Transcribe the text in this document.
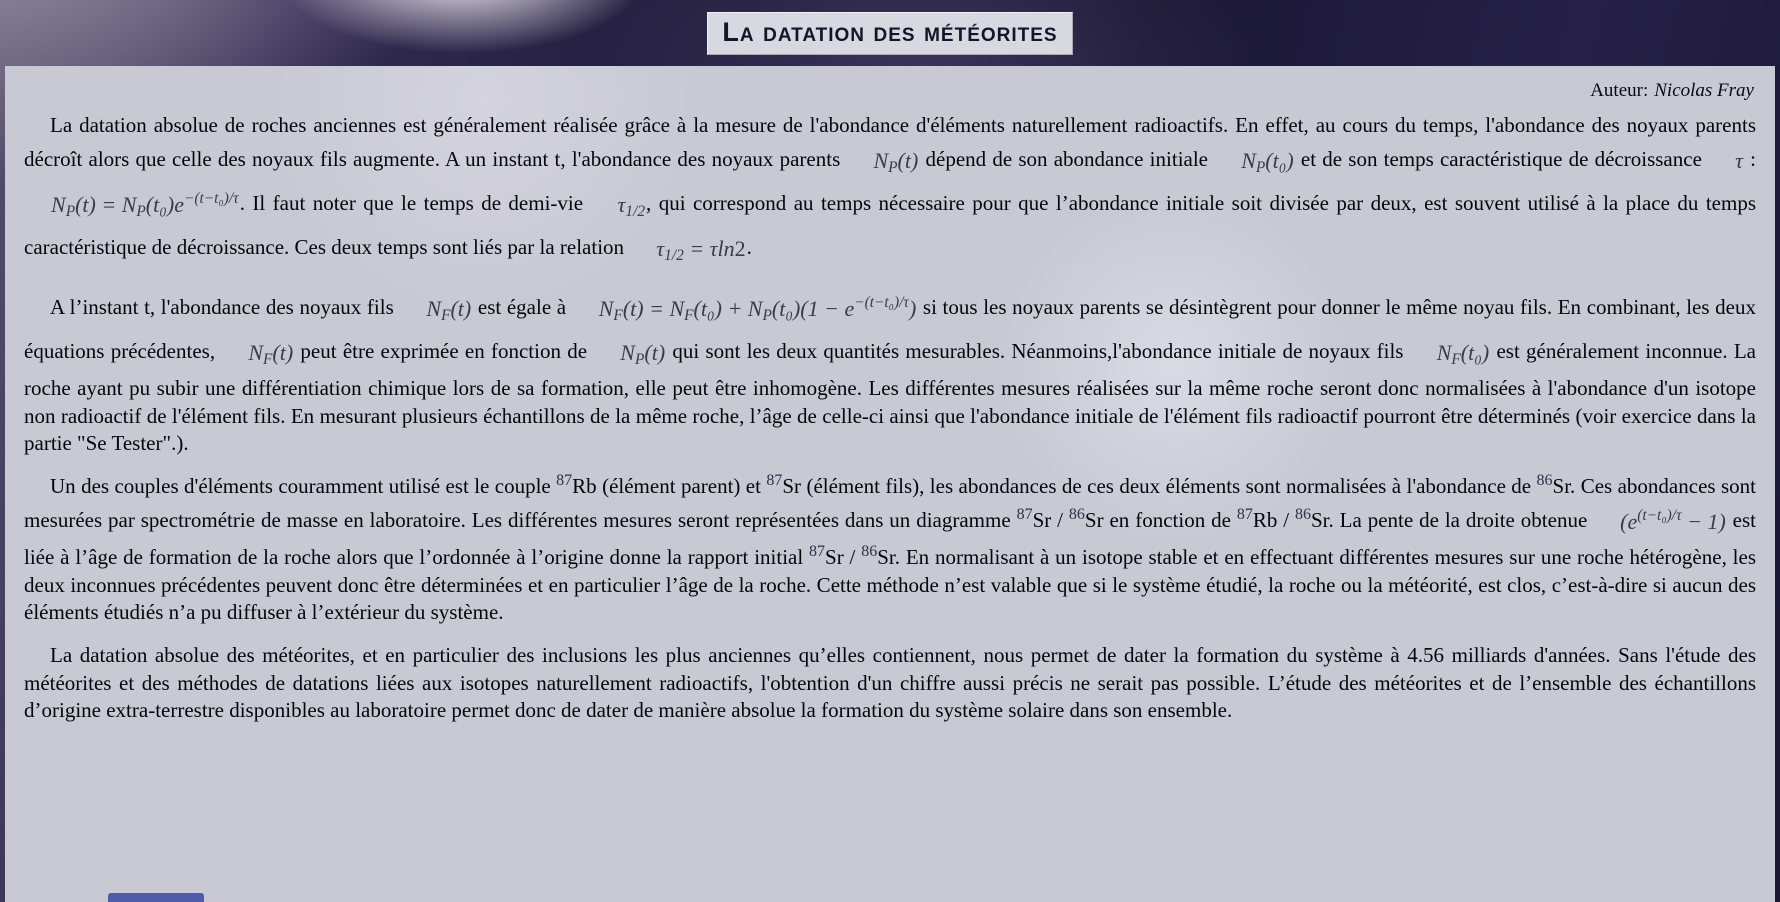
La datation des météorites
Auteur: Nicolas Fray

La datation absolue de roches anciennes est généralement réalisée grâce à la mesure de l'abondance d'éléments naturellement radioactifs. En effet, au cours du temps, l'abondance des noyaux parents décroît alors que celle des noyaux fils augmente. A un instant t, l'abondance des noyaux parents $N_P(t)$ dépend de son abondance initiale $N_P(t_0)$ et de son temps caractéristique de décroissance τ : $N_P(t) = N_P(t_0)e^{-(t-t_0)/\tau}$. Il faut noter que le temps de demi-vie $\tau_{1/2}$, qui correspond au temps nécessaire pour que l’abondance initiale soit divisée par deux, est souvent utilisé à la place du temps caractéristique de décroissance. Ces deux temps sont liés par la relation $\tau_{1/2} = \tau\ln 2$.

A l’instant t, l'abondance des noyaux fils $N_F(t)$ est égale à $N_F(t) = N_F(t_0) + N_P(t_0)(1 - e^{-(t-t_0)/\tau})$ si tous les noyaux parents se désintègrent pour donner le même noyau fils. En combinant, les deux équations précédentes, $N_F(t)$ peut être exprimée en fonction de $N_P(t)$ qui sont les deux quantités mesurables. Néanmoins,l'abondance initiale de noyaux fils $N_F(t_0)$ est généralement inconnue. La roche ayant pu subir une différentiation chimique lors de sa formation, elle peut être inhomogène. Les différentes mesures réalisées sur la même roche seront donc normalisées à l'abondance d'un isotope non radioactif de l'élément fils. En mesurant plusieurs échantillons de la même roche, l’âge de celle-ci ainsi que l'abondance initiale de l'élément fils radioactif pourront être déterminés (voir exercice dans la partie "Se Tester".).

Un des couples d'éléments couramment utilisé est le couple $^{87}$Rb (élément parent) et $^{87}$Sr (élément fils), les abondances de ces deux éléments sont normalisées à l'abondance de $^{86}$Sr. Ces abondances sont mesurées par spectrométrie de masse en laboratoire. Les différentes mesures seront représentées dans un diagramme $^{87}$Sr / $^{86}$Sr en fonction de $^{87}$Rb / $^{86}$Sr. La pente de la droite obtenue $(e^{(t-t_0)/\tau} - 1)$ est liée à l’âge de formation de la roche alors que l’ordonnée à l’origine donne la rapport initial $^{87}$Sr / $^{86}$Sr. En normalisant à un isotope stable et en effectuant différentes mesures sur une roche hétérogène, les deux inconnues précédentes peuvent donc être déterminées et en particulier l’âge de la roche. Cette méthode n’est valable que si le système étudié, la roche ou la météorité, est clos, c’est-à-dire si aucun des éléments étudiés n’a pu diffuser à l’extérieur du système.

La datation absolue des météorites, et en particulier des inclusions les plus anciennes qu’elles contiennent, nous permet de dater la formation du système à 4.56 milliards d'années. Sans l'étude des météorites et des méthodes de datations liées aux isotopes naturellement radioactifs, l'obtention d'un chiffre aussi précis ne serait pas possible. L’étude des météorites et de l’ensemble des échantillons d’origine extra-terrestre disponibles au laboratoire permet donc de dater de manière absolue la formation du système solaire dans son ensemble.
